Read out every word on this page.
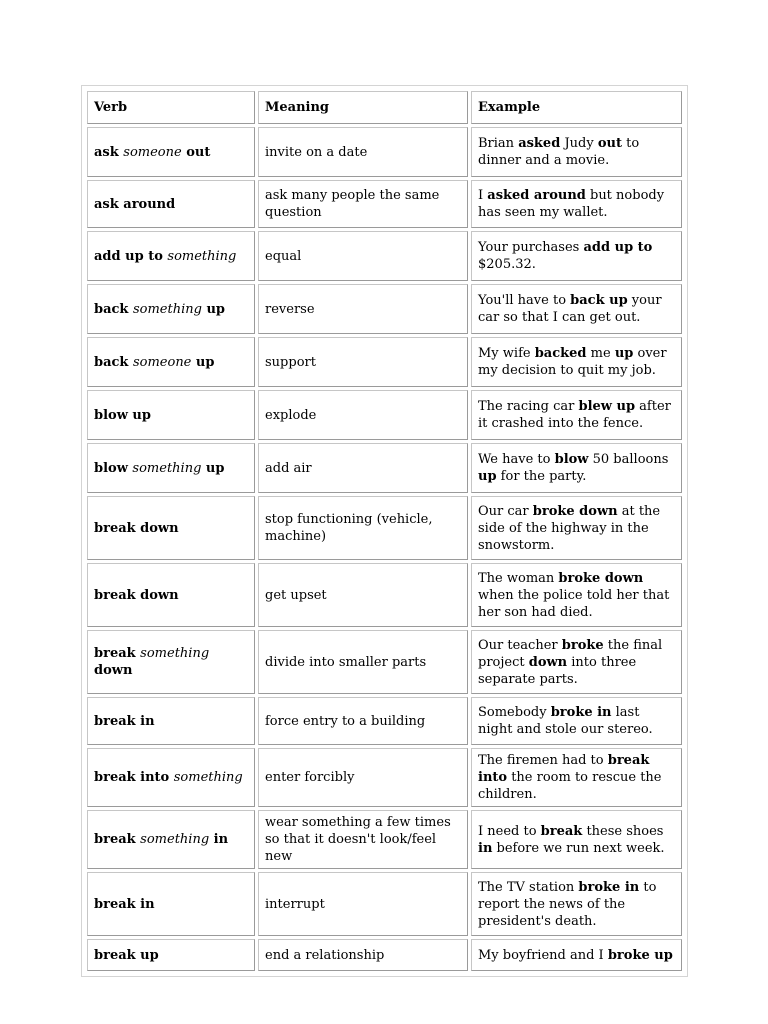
Verb	Meaning	Example
ask someone out	invite on a date	Brian asked Judy out to dinner and a movie.
ask around	ask many people the same question	I asked around but nobody has seen my wallet.
add up to something	equal	Your purchases add up to $205.32.
back something up	reverse	You'll have to back up your car so that I can get out.
back someone up	support	My wife backed me up over my decision to quit my job.
blow up	explode	The racing car blew up after it crashed into the fence.
blow something up	add air	We have to blow 50 balloons up for the party.
break down	stop functioning (vehicle, machine)	Our car broke down at the side of the highway in the snowstorm.
break down	get upset	The woman broke down when the police told her that her son had died.
break something down	divide into smaller parts	Our teacher broke the final project down into three separate parts.
break in	force entry to a building	Somebody broke in last night and stole our stereo.
break into something	enter forcibly	The firemen had to break into the room to rescue the children.
break something in	wear something a few times so that it doesn't look/feel new	I need to break these shoes in before we run next week.
break in	interrupt	The TV station broke in to report the news of the president's death.
break up	end a relationship	My boyfriend and I broke up
